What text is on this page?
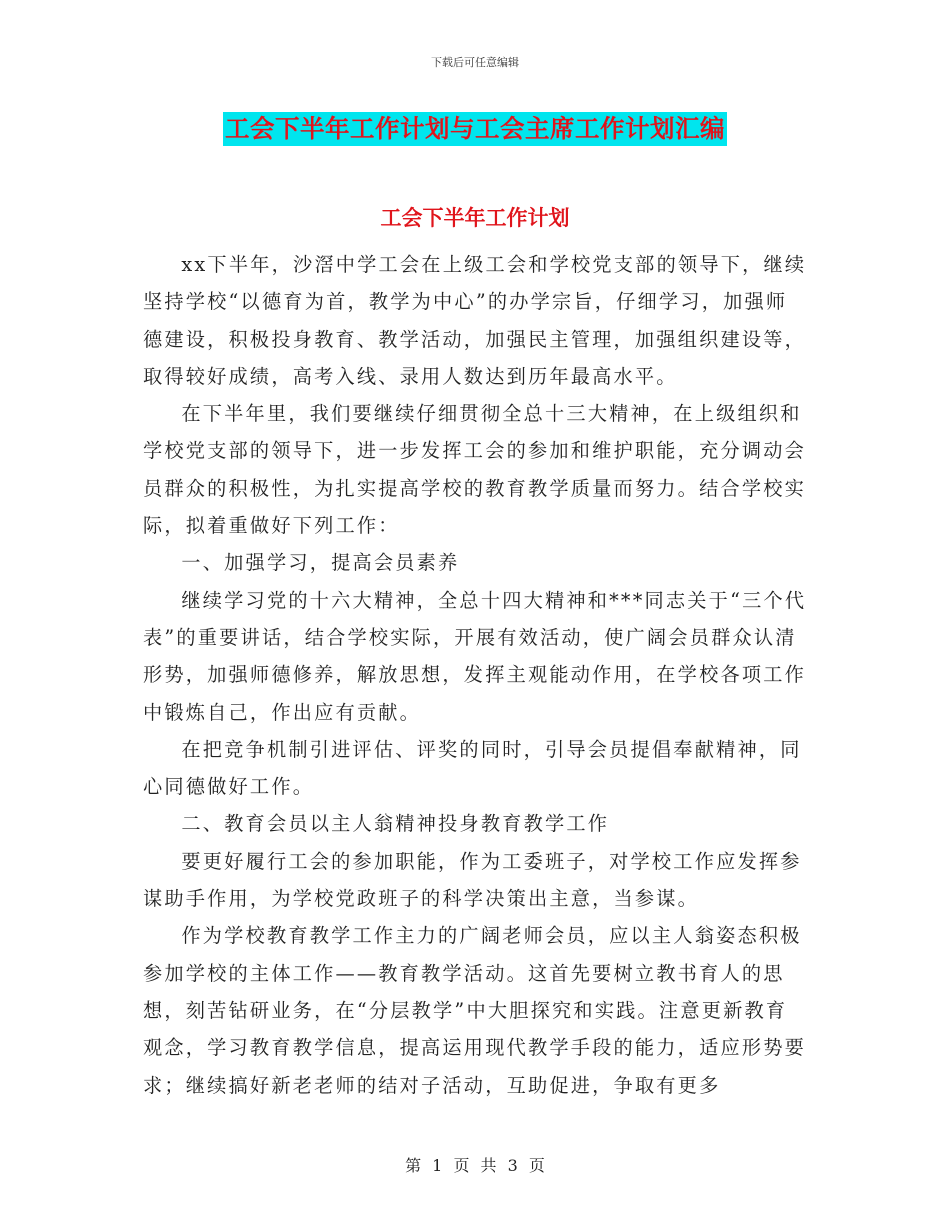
下载后可任意编辑
工会下半年工作计划与工会主席工作计划汇编
工会下半年工作计划

xx下半年，沙滘中学工会在上级工会和学校党支部的领导下，继续坚持学校“以德育为首，教学为中心”的办学宗旨，仔细学习，加强师德建设，积极投身教育、教学活动，加强民主管理，加强组织建设等，取得较好成绩，高考入线、录用人数达到历年最高水平。

在下半年里，我们要继续仔细贯彻全总十三大精神，在上级组织和学校党支部的领导下，进一步发挥工会的参加和维护职能，充分调动会员群众的积极性，为扎实提高学校的教育教学质量而努力。结合学校实际，拟着重做好下列工作：

一、加强学习，提高会员素养

继续学习党的十六大精神，全总十四大精神和***同志关于“三个代表”的重要讲话，结合学校实际，开展有效活动，使广阔会员群众认清形势，加强师德修养，解放思想，发挥主观能动作用，在学校各项工作中锻炼自己，作出应有贡献。

在把竞争机制引进评估、评奖的同时，引导会员提倡奉献精神，同心同德做好工作。

二、教育会员以主人翁精神投身教育教学工作

要更好履行工会的参加职能，作为工委班子，对学校工作应发挥参谋助手作用，为学校党政班子的科学决策出主意，当参谋。

作为学校教育教学工作主力的广阔老师会员，应以主人翁姿态积极参加学校的主体工作——教育教学活动。这首先要树立教书育人的思想，刻苦钻研业务，在“分层教学”中大胆探究和实践。注意更新教育观念，学习教育教学信息，提高运用现代教学手段的能力，适应形势要求；继续搞好新老老师的结对子活动，互助促进，争取有更多

第 1 页 共 3 页
